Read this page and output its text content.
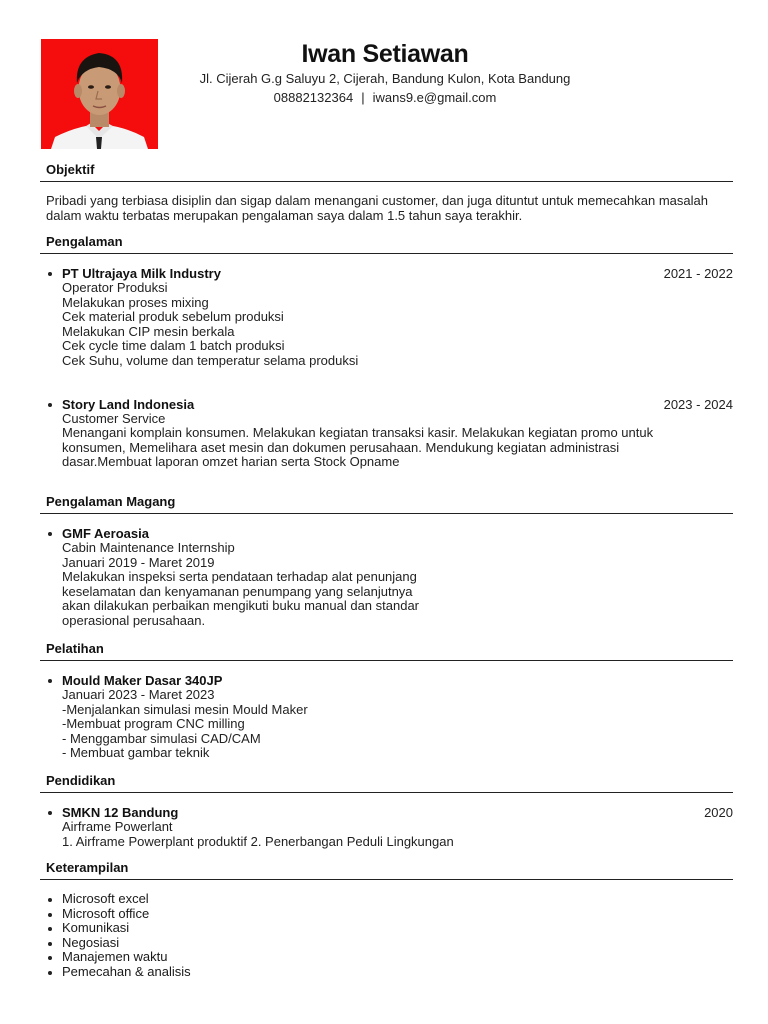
Iwan Setiawan
Jl. Cijerah G.g Saluyu 2, Cijerah, Bandung Kulon, Kota Bandung
08882132364 | iwans9.e@gmail.com
Objektif
Pribadi yang terbiasa disiplin dan sigap dalam menangani customer, dan juga dituntut untuk memecahkan masalah dalam waktu terbatas merupakan pengalaman saya dalam 1.5 tahun saya terakhir.
Pengalaman
PT Ultrajaya Milk Industry	2021 - 2022
Operator Produksi
Melakukan proses mixing
Cek material produk sebelum produksi
Melakukan CIP mesin berkala
Cek cycle time dalam 1 batch produksi
Cek Suhu, volume dan temperatur selama produksi
Story Land Indonesia	2023 - 2024
Customer Service
Menangani komplain konsumen. Melakukan kegiatan transaksi kasir. Melakukan kegiatan promo untuk
konsumen, Memelihara aset mesin dan dokumen perusahaan. Mendukung kegiatan administrasi
dasar.Membuat laporan omzet harian serta Stock Opname
Pengalaman Magang
GMF Aeroasia
Cabin Maintenance Internship
Januari 2019 - Maret 2019
Melakukan inspeksi serta pendataan terhadap alat penunjang
keselamatan dan kenyamanan penumpang yang selanjutnya
akan dilakukan perbaikan mengikuti buku manual dan standar
operasional perusahaan.
Pelatihan
Mould Maker Dasar 340JP
Januari 2023 - Maret 2023
-Menjalankan simulasi mesin Mould Maker
-Membuat program CNC milling
- Menggambar simulasi CAD/CAM
- Membuat gambar teknik
Pendidikan
SMKN 12 Bandung	2020
Airframe Powerlant
1. Airframe Powerplant produktif 2. Penerbangan Peduli Lingkungan
Keterampilan
Microsoft excel
Microsoft office
Komunikasi
Negosiasi
Manajemen waktu
Pemecahan & analisis
